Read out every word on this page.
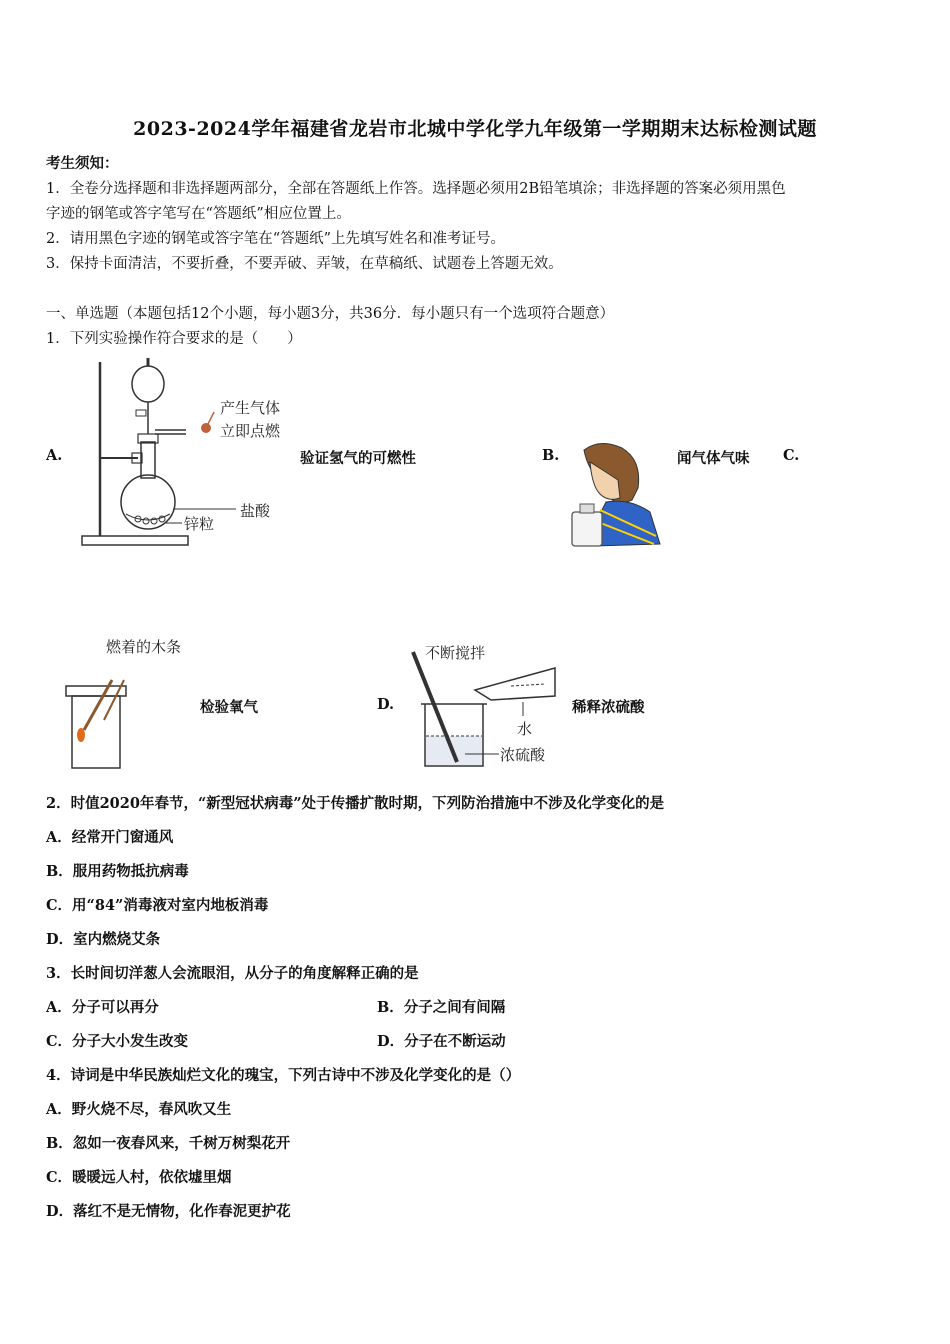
2023-2024学年福建省龙岩市北城中学化学九年级第一学期期末达标检测试题
考生须知：
1．全卷分选择题和非选择题两部分，全部在答题纸上作答。选择题必须用2B铅笔填涂；非选择题的答案必须用黑色
字迹的钢笔或答字笔写在“答题纸”相应位置上。
2．请用黑色字迹的钢笔或答字笔在“答题纸”上先填写姓名和准考证号。
3．保持卡面清洁，不要折叠，不要弄破、弄皱，在草稿纸、试题卷上答题无效。
一、单选题（本题包括12个小题，每小题3分，共36分．每小题只有一个选项符合题意）
1．下列实验操作符合要求的是（　　）
A.
产生气体
立即点燃
盐酸
锌粒
验证氢气的可燃性	B.	闻气体气味 C.
燃着的木条
检验氧气	D.
不断搅拌
水
浓硫酸
稀释浓硫酸
2．时值2020年春节，“新型冠状病毒”处于传播扩散时期，下列防治措施中不涉及化学变化的是
A．经常开门窗通风
B．服用药物抵抗病毒
C．用“84”消毒液对室内地板消毒
D．室内燃烧艾条
3．长时间切洋葱人会流眼泪，从分子的角度解释正确的是
A．分子可以再分	B．分子之间有间隔
C．分子大小发生改变	D．分子在不断运动
4．诗词是中华民族灿烂文化的瑰宝，下列古诗中不涉及化学变化的是（）
A．野火烧不尽，春风吹又生
B．忽如一夜春风来，千树万树梨花开
C．暖暖远人村，依依墟里烟
D．落红不是无情物，化作春泥更护花
